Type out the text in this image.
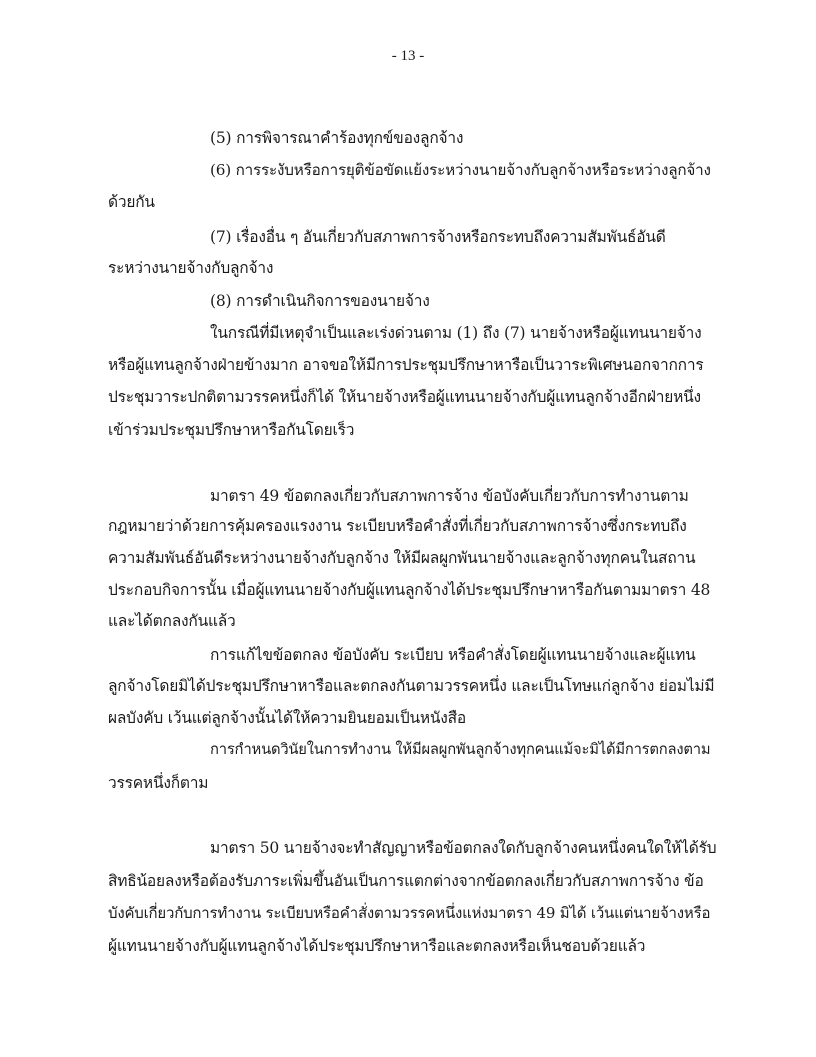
- 13 -
(5) การพิจารณาคำร้องทุกข์ของลูกจ้าง
(6) การระงับหรือการยุติข้อขัดแย้งระหว่างนายจ้างกับลูกจ้างหรือระหว่างลูกจ้าง
ด้วยกัน
(7) เรื่องอื่น ๆ อันเกี่ยวกับสภาพการจ้างหรือกระทบถึงความสัมพันธ์อันดี
ระหว่างนายจ้างกับลูกจ้าง
(8) การดำเนินกิจการของนายจ้าง
ในกรณีที่มีเหตุจำเป็นและเร่งด่วนตาม (1) ถึง (7) นายจ้างหรือผู้แทนนายจ้าง
หรือผู้แทนลูกจ้างฝ่ายข้างมาก อาจขอให้มีการประชุมปรึกษาหารือเป็นวาระพิเศษนอกจากการ
ประชุมวาระปกติตามวรรคหนึ่งก็ได้ ให้นายจ้างหรือผู้แทนนายจ้างกับผู้แทนลูกจ้างอีกฝ่ายหนึ่ง
เข้าร่วมประชุมปรึกษาหารือกันโดยเร็ว
มาตรา 49 ข้อตกลงเกี่ยวกับสภาพการจ้าง ข้อบังคับเกี่ยวกับการทำงานตาม
กฎหมายว่าด้วยการคุ้มครองแรงงาน ระเบียบหรือคำสั่งที่เกี่ยวกับสภาพการจ้างซึ่งกระทบถึง
ความสัมพันธ์อันดีระหว่างนายจ้างกับลูกจ้าง ให้มีผลผูกพันนายจ้างและลูกจ้างทุกคนในสถาน
ประกอบกิจการนั้น เมื่อผู้แทนนายจ้างกับผู้แทนลูกจ้างได้ประชุมปรึกษาหารือกันตามมาตรา 48
และได้ตกลงกันแล้ว
การแก้ไขข้อตกลง ข้อบังคับ ระเบียบ หรือคำสั่งโดยผู้แทนนายจ้างและผู้แทน
ลูกจ้างโดยมิได้ประชุมปรึกษาหารือและตกลงกันตามวรรคหนึ่ง และเป็นโทษแก่ลูกจ้าง ย่อมไม่มี
ผลบังคับ เว้นแต่ลูกจ้างนั้นได้ให้ความยินยอมเป็นหนังสือ
การกำหนดวินัยในการทำงาน ให้มีผลผูกพันลูกจ้างทุกคนแม้จะมิได้มีการตกลงตาม
วรรคหนึ่งก็ตาม
มาตรา 50 นายจ้างจะทำสัญญาหรือข้อตกลงใดกับลูกจ้างคนหนึ่งคนใดให้ได้รับ
สิทธิน้อยลงหรือต้องรับภาระเพิ่มขึ้นอันเป็นการแตกต่างจากข้อตกลงเกี่ยวกับสภาพการจ้าง ข้อ
บังคับเกี่ยวกับการทำงาน ระเบียบหรือคำสั่งตามวรรคหนึ่งแห่งมาตรา 49 มิได้ เว้นแต่นายจ้างหรือ
ผู้แทนนายจ้างกับผู้แทนลูกจ้างได้ประชุมปรึกษาหารือและตกลงหรือเห็นชอบด้วยแล้ว
